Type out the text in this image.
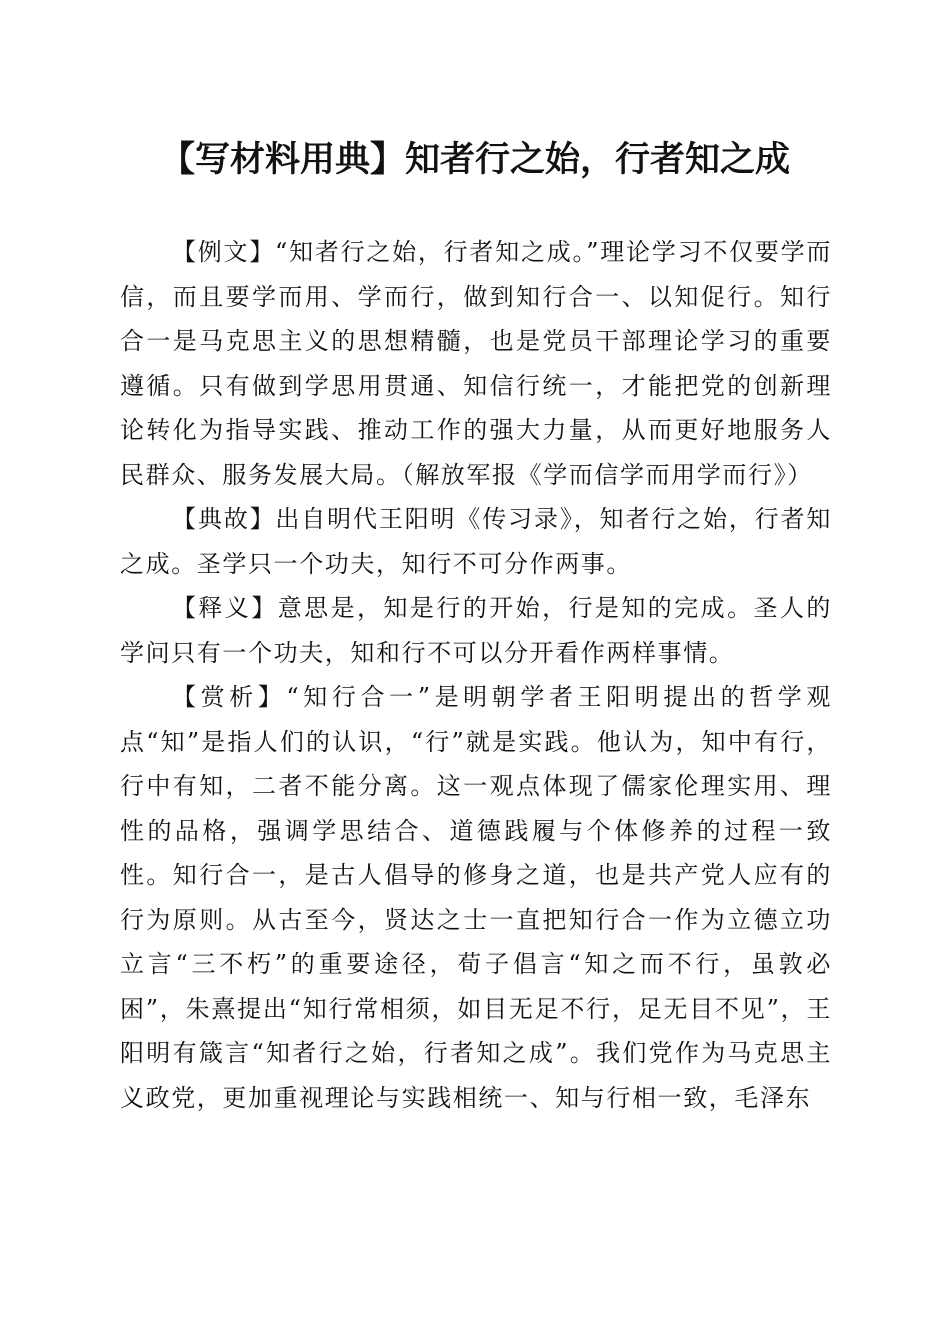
【写材料用典】知者行之始，行者知之成

【例文】“知者行之始，行者知之成。”理论学习不仅要学而信，而且要学而用、学而行，做到知行合一、以知促行。知行合一是马克思主义的思想精髓，也是党员干部理论学习的重要遵循。只有做到学思用贯通、知信行统一，才能把党的创新理论转化为指导实践、推动工作的强大力量，从而更好地服务人民群众、服务发展大局。（解放军报《学而信学而用学而行》）

【典故】出自明代王阳明《传习录》，知者行之始，行者知之成。圣学只一个功夫，知行不可分作两事。

【释义】意思是，知是行的开始，行是知的完成。圣人的学问只有一个功夫，知和行不可以分开看作两样事情。

【赏析】“知行合一”是明朝学者王阳明提出的哲学观点“知”是指人们的认识，“行”就是实践。他认为，知中有行，行中有知，二者不能分离。这一观点体现了儒家伦理实用、理性的品格，强调学思结合、道德践履与个体修养的过程一致性。知行合一，是古人倡导的修身之道，也是共产党人应有的行为原则。从古至今，贤达之士一直把知行合一作为立德立功立言“三不朽”的重要途径，荀子倡言“知之而不行，虽敦必困”，朱熹提出“知行常相须，如目无足不行，足无目不见”，王阳明有箴言“知者行之始，行者知之成”。我们党作为马克思主义政党，更加重视理论与实践相统一、知与行相一致，毛泽东
